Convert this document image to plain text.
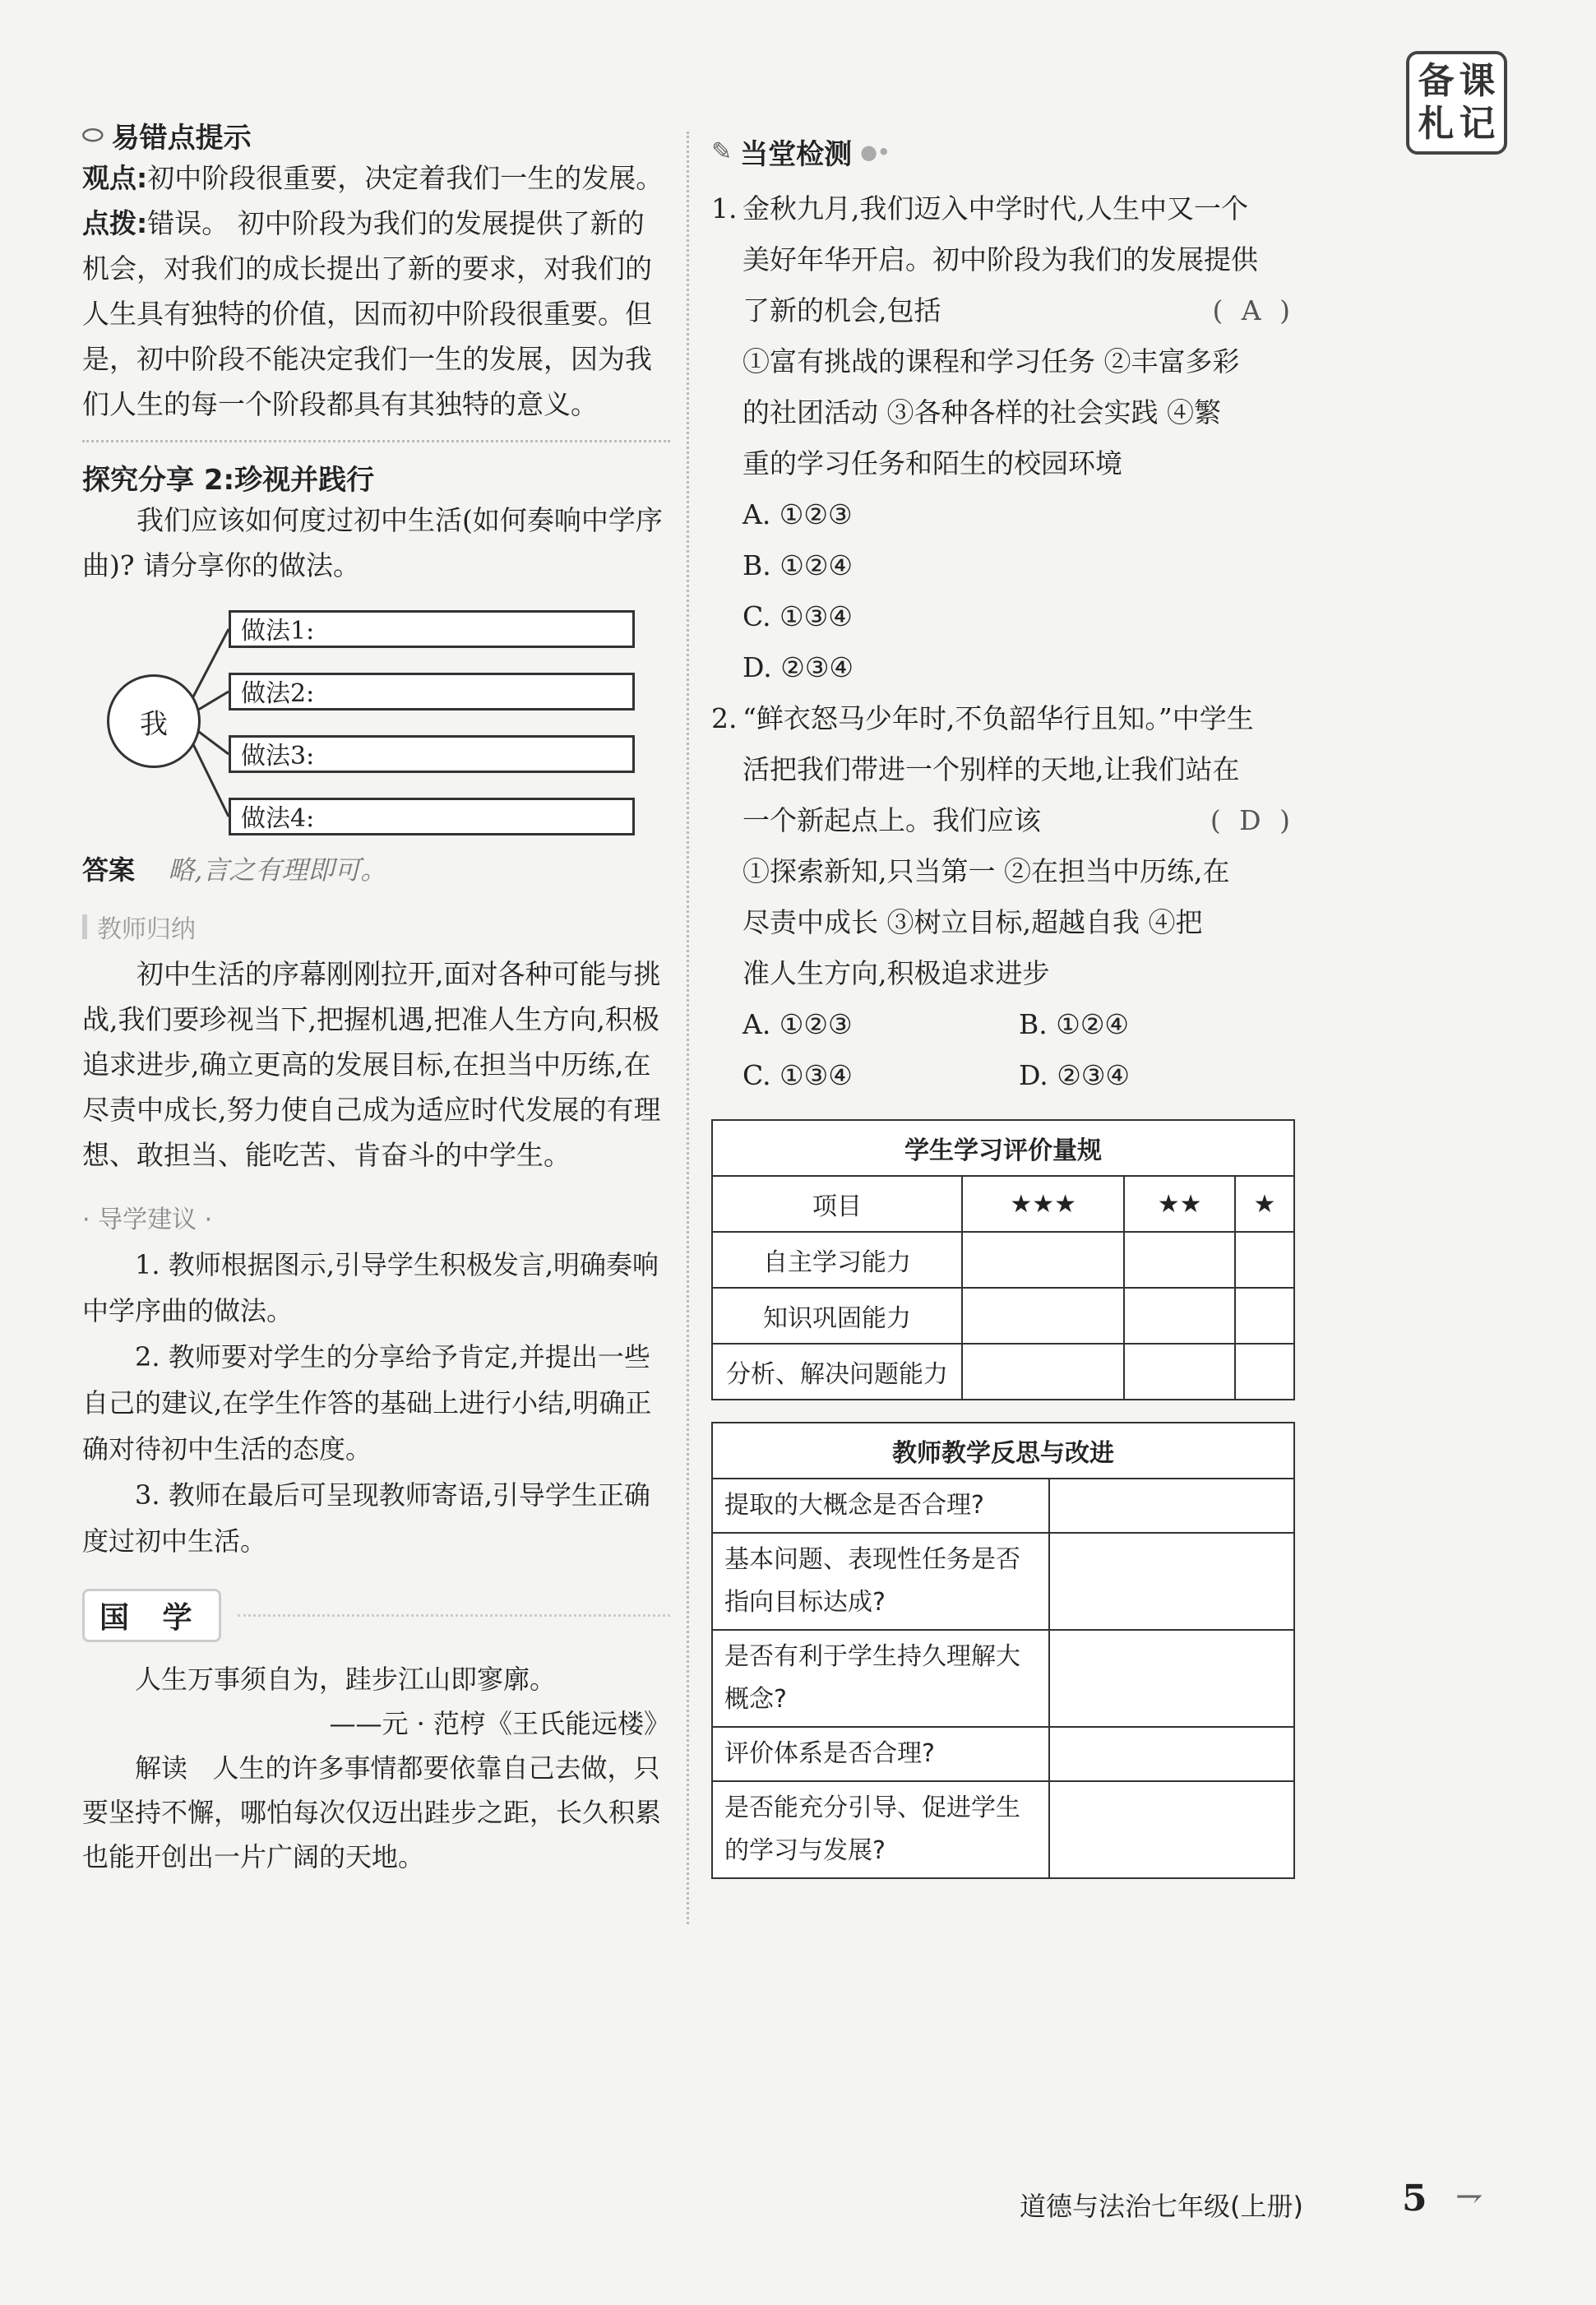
备 课
札 记
⬭ 易错点提示

观点:初中阶段很重要，决定着我们一生的发展。

点拨:错误。 初中阶段为我们的发展提供了新的机会，对我们的成长提出了新的要求，对我们的人生具有独特的价值，因而初中阶段很重要。但是，初中阶段不能决定我们一生的发展，因为我们人生的每一个阶段都具有其独特的意义。

探究分享 2:珍视并践行

我们应该如何度过初中生活(如何奏响中学序曲)? 请分享你的做法。

我
做法1:
做法2:
做法3:
做法4:
答案 略,言之有理即可。
教师归纳

初中生活的序幕刚刚拉开,面对各种可能与挑战,我们要珍视当下,把握机遇,把准人生方向,积极追求进步,确立更高的发展目标,在担当中历练,在尽责中成长,努力使自己成为适应时代发展的有理想、敢担当、能吃苦、肯奋斗的中学生。

· 导学建议 ·

1. 教师根据图示,引导学生积极发言,明确奏响中学序曲的做法。

2. 教师要对学生的分享给予肯定,并提出一些自己的建议,在学生作答的基础上进行小结,明确正确对待初中生活的态度。

3. 教师在最后可呈现教师寄语,引导学生正确度过初中生活。

国 学

人生万事须自为，跬步江山即寥廓。

——元 · 范梈《王氏能远楼》

解读 人生的许多事情都要依靠自己去做，只要坚持不懈，哪怕每次仅迈出跬步之距，长久积累也能开创出一片广阔的天地。

✎ 当堂检测 ●•

1. 金秋九月,我们迈入中学时代,人生中又一个

美好年华开启。初中阶段为我们的发展提供

了新的机会,包括	( A )

①富有挑战的课程和学习任务 ②丰富多彩

的社团活动 ③各种各样的社会实践 ④繁

重的学习任务和陌生的校园环境

A. ①②③

B. ①②④

C. ①③④

D. ②③④

2. “鲜衣怒马少年时,不负韶华行且知。”中学生

活把我们带进一个别样的天地,让我们站在

一个新起点上。我们应该	( D )

①探索新知,只当第一 ②在担当中历练,在

尽责中成长 ③树立目标,超越自我 ④把

准人生方向,积极追求进步

A. ①②③	B. ①②④

C. ①③④	D. ②③④

学生学习评价量规			
项目	★★★	★★	★
自主学习能力			
知识巩固能力			
分析、解决问题能力			
教师教学反思与改进	
提取的大概念是否合理?	
基本问题、表现性任务是否指向目标达成?	
是否有利于学生持久理解大概念?	
评价体系是否合理?	
是否能充分引导、促进学生的学习与发展?	
道德与法治七年级(上册)	5 ⇁
